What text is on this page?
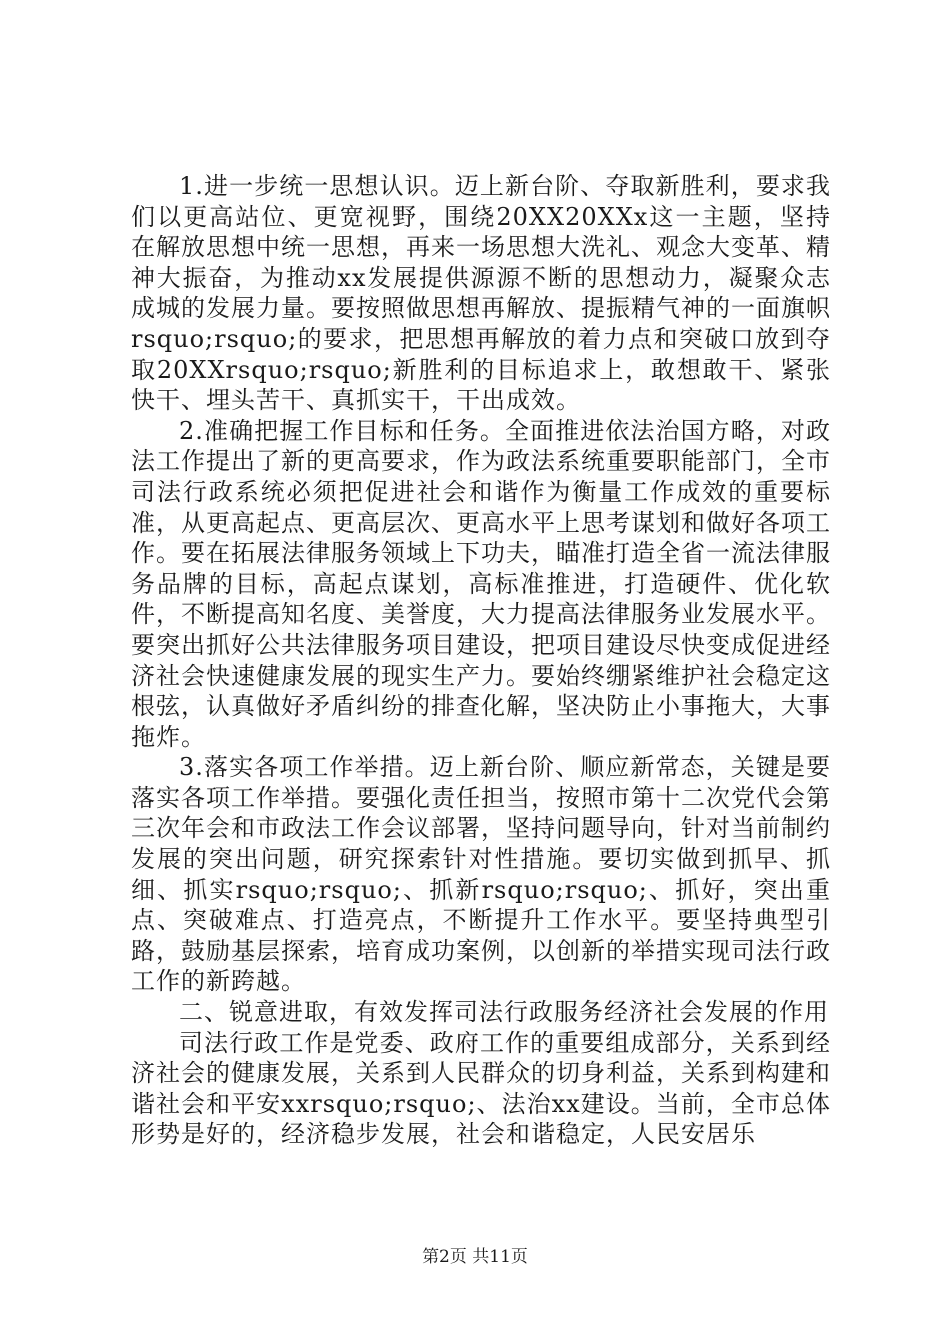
1.进一步统一思想认识。迈上新台阶、夺取新胜利，要求我们以更高站位、更宽视野，围绕20XX20XXx这一主题，坚持在解放思想中统一思想，再来一场思想大洗礼、观念大变革、精神大振奋，为推动xx发展提供源源不断的思想动力，凝聚众志成城的发展力量。要按照做思想再解放、提振精气神的一面旗帜rsquo;rsquo;的要求，把思想再解放的着力点和突破口放到夺取20XXrsquo;rsquo;新胜利的目标追求上，敢想敢干、紧张快干、埋头苦干、真抓实干，干出成效。

2.准确把握工作目标和任务。全面推进依法治国方略，对政法工作提出了新的更高要求，作为政法系统重要职能部门，全市司法行政系统必须把促进社会和谐作为衡量工作成效的重要标准，从更高起点、更高层次、更高水平上思考谋划和做好各项工作。要在拓展法律服务领域上下功夫，瞄准打造全省一流法律服务品牌的目标，高起点谋划，高标准推进，打造硬件、优化软件，不断提高知名度、美誉度，大力提高法律服务业发展水平。要突出抓好公共法律服务项目建设，把项目建设尽快变成促进经济社会快速健康发展的现实生产力。要始终绷紧维护社会稳定这根弦，认真做好矛盾纠纷的排查化解，坚决防止小事拖大，大事拖炸。

3.落实各项工作举措。迈上新台阶、顺应新常态，关键是要落实各项工作举措。要强化责任担当，按照市第十二次党代会第三次年会和市政法工作会议部署，坚持问题导向，针对当前制约发展的突出问题，研究探索针对性措施。要切实做到抓早、抓细、抓实rsquo;rsquo;、抓新rsquo;rsquo;、抓好，突出重点、突破难点、打造亮点，不断提升工作水平。要坚持典型引路，鼓励基层探索，培育成功案例，以创新的举措实现司法行政工作的新跨越。

二、锐意进取，有效发挥司法行政服务经济社会发展的作用

司法行政工作是党委、政府工作的重要组成部分，关系到经济社会的健康发展，关系到人民群众的切身利益，关系到构建和谐社会和平安xxrsquo;rsquo;、法治xx建设。当前，全市总体形势是好的，经济稳步发展，社会和谐稳定，人民安居乐

第2页 共11页
